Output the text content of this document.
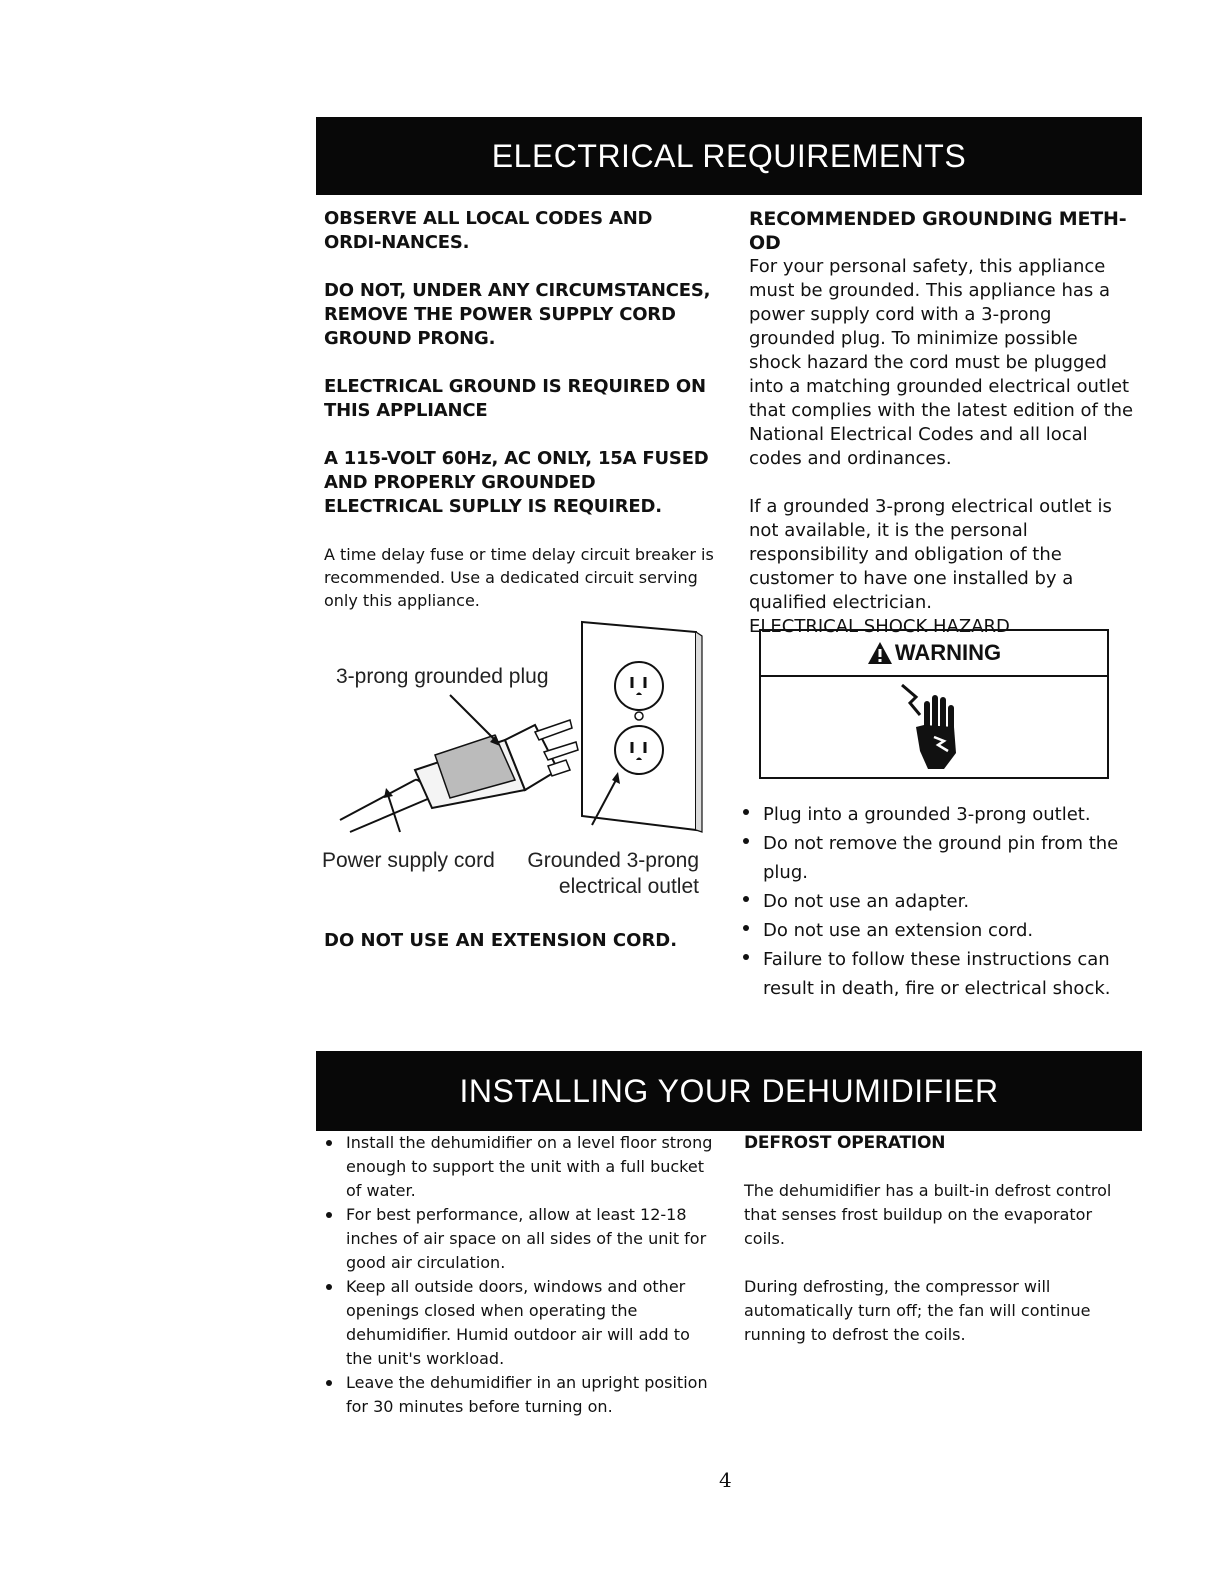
ELECTRICAL REQUIREMENTS

OBSERVE ALL LOCAL CODES AND ORDI-NANCES.

DO NOT, UNDER ANY CIRCUMSTANCES, REMOVE THE POWER SUPPLY CORD GROUND PRONG.

ELECTRICAL GROUND IS REQUIRED ON THIS APPLIANCE

A 115-VOLT 60Hz, AC ONLY, 15A FUSED AND PROPERLY GROUNDED ELECTRICAL SUPLLY IS REQUIRED.

A time delay fuse or time delay circuit breaker is recommended. Use a dedicated circuit serving only this appliance.

3-prong grounded plug
Power supply cord Grounded 3-prong
electrical outlet
DO NOT USE AN EXTENSION CORD.

RECOMMENDED GROUNDING METH-OD

For your personal safety, this appliance must be grounded. This appliance has a power supply cord with a 3-prong grounded plug. To minimize possible shock hazard the cord must be plugged into a matching grounded electrical outlet that complies with the latest edition of the National Electrical Codes and all local codes and ordinances.

If a grounded 3-prong electrical outlet is not available, it is the personal responsibility and obligation of the customer to have one installed by a qualified electrician.

ELECTRICAL SHOCK HAZARD

WARNING
Plug into a grounded 3-prong outlet.
Do not remove the ground pin from the plug.
Do not use an adapter.
Do not use an extension cord.
Failure to follow these instructions can result in death, fire or electrical shock.
INSTALLING YOUR DEHUMIDIFIER
Install the dehumidifier on a level floor strong enough to support the unit with a full bucket of water.
For best performance, allow at least 12-18 inches of air space on all sides of the unit for good air circulation.
Keep all outside doors, windows and other openings closed when operating the dehumidifier. Humid outdoor air will add to the unit's workload.
Leave the dehumidifier in an upright position for 30 minutes before turning on.

DEFROST OPERATION

The dehumidifier has a built-in defrost control that senses frost buildup on the evaporator coils.

During defrosting, the compressor will automatically turn off; the fan will continue running to defrost the coils.

4
